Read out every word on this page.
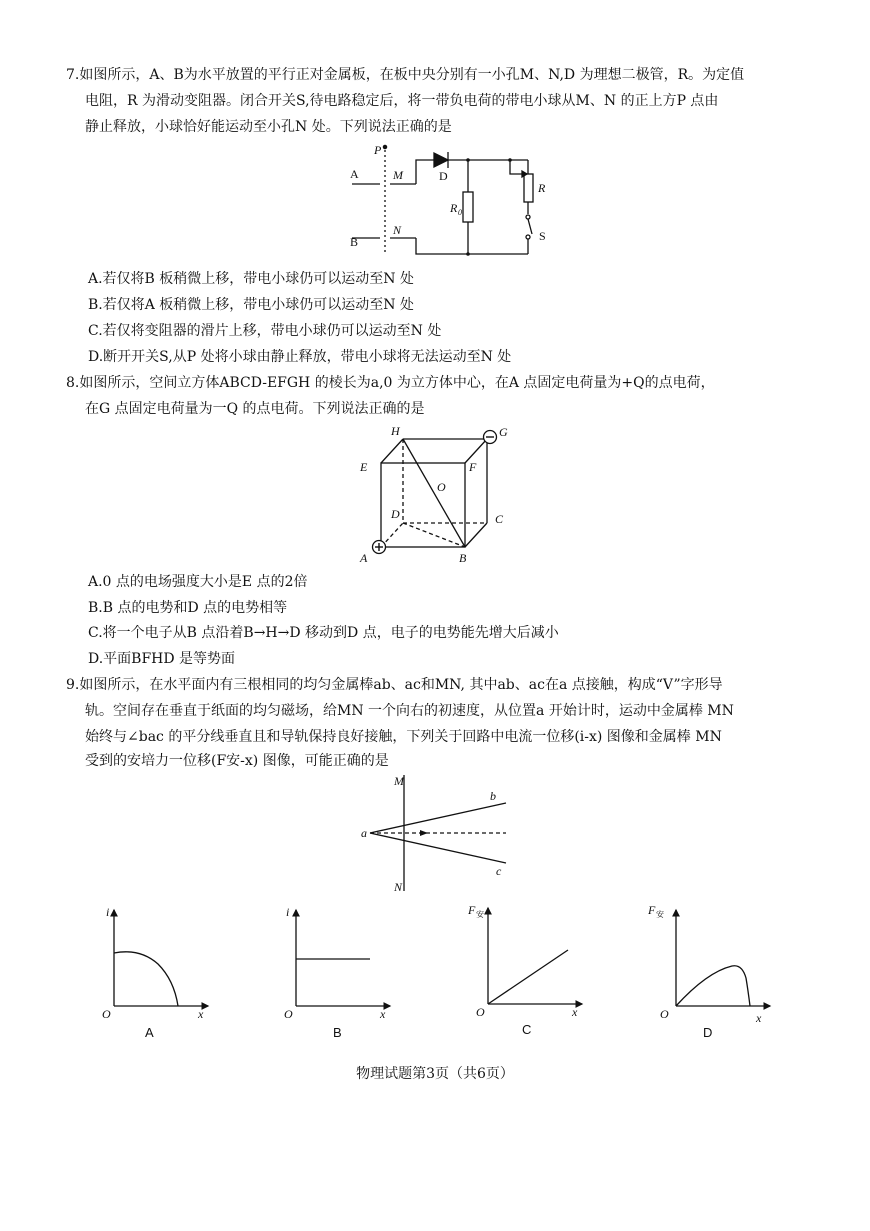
7.如图所示，A、B为水平放置的平行正对金属板，在板中央分别有一小孔M、N,D 为理想二极管，R。为定值
电阻，R 为滑动变阻器。闭合开关S,待电路稳定后，将一带负电荷的带电小球从M、N 的正上方P 点由
静止释放，小球恰好能运动至小孔N 处。下列说法正确的是
P
A	M	D
R
R 0
B
N	S
A.若仅将B 板稍微上移，带电小球仍可以运动至N 处
B.若仅将A 板稍微上移，带电小球仍可以运动至N 处
C.若仅将变阻器的滑片上移，带电小球仍可以运动至N 处
D.断开开关S,从P 处将小球由静止释放，带电小球将无法运动至N 处
8.如图所示，空间立方体ABCD-EFGH 的棱长为a,0 为立方体中心，在A 点固定电荷量为+Q的点电荷，
在G 点固定电荷量为一Q 的点电荷。下列说法正确的是
H	G
E	F
O
D	C
A	B
A.0 点的电场强度大小是E 点的2倍
B.B 点的电势和D 点的电势相等
C.将一个电子从B 点沿着B→H→D 移动到D 点，电子的电势能先增大后减小
D.平面BFHD 是等势面
9.如图所示，在水平面内有三根相同的均匀金属棒ab、ac和MN, 其中ab、ac在a 点接触，构成“V”字形导
轨。空间存在垂直于纸面的均匀磁场，给MN 一个向右的初速度，从位置a 开始计时，运动中金属棒 MN
始终与∠bac 的平分线垂直且和导轨保持良好接触，下列关于回路中电流一位移(i-x) 图像和金属棒 MN
受到的安培力一位移(F安-x) 图像，可能正确的是
M
N
a
b
c
i
O	x
A
i
O	x
B
F 安
O	x
C
F 安
O	x
D
物理试题第3页（共6页）
